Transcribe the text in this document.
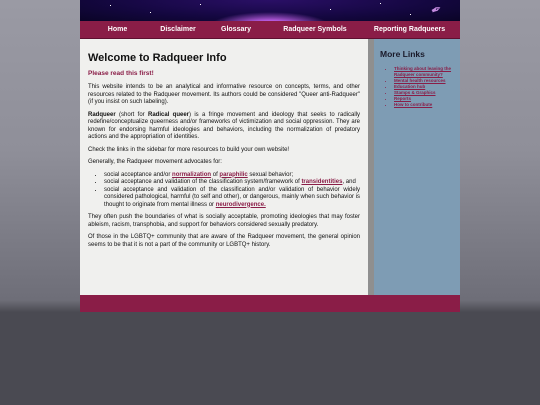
✒
Home	Disclaimer	Glossary	Radqueer Symbols	Reporting Radqueers
Welcome to Radqueer Info

Please read this first!

This website intends to be an analytical and informative resource on concepts, terms, and other resources related to the Radqueer movement. Its authors could be considered "Queer anti-Radqueer" (if you insist on such labeling).

Radqueer (short for Radical queer) is a fringe movement and ideology that seeks to radically redefine/conceptualize queerness and/or frameworks of victimization and social oppression. They are known for endorsing harmful ideologies and behaviors, including the normalization of predatory actions and the appropriation of identities.

Check the links in the sidebar for more resources to build your own website!

Generally, the Radqueer movement advocates for:

• social acceptance and/or normalization of paraphilic sexual behavior;
• social acceptance and validation of the classification system/framework of transidentities, and
• social acceptance and validation of the classification and/or validation of behavior widely considered pathological, harmful (to self and other), or dangerous, mainly when such behavior is thought to originate from mental illness or neurodivergence.

They often push the boundaries of what is socially acceptable, promoting ideologies that may foster ableism, racism, transphobia, and support for behaviors considered sexually predatory.

Of those in the LGBTQ+ community that are aware of the Radqueer movement, the general opinion seems to be that it is not a part of the community or LGBTQ+ history.

More Links
• Thinking about leaving the Radqueer community?
• Mental health resources
• Education hub
• Stamps & Graphics
• Reports
• How to contribute
